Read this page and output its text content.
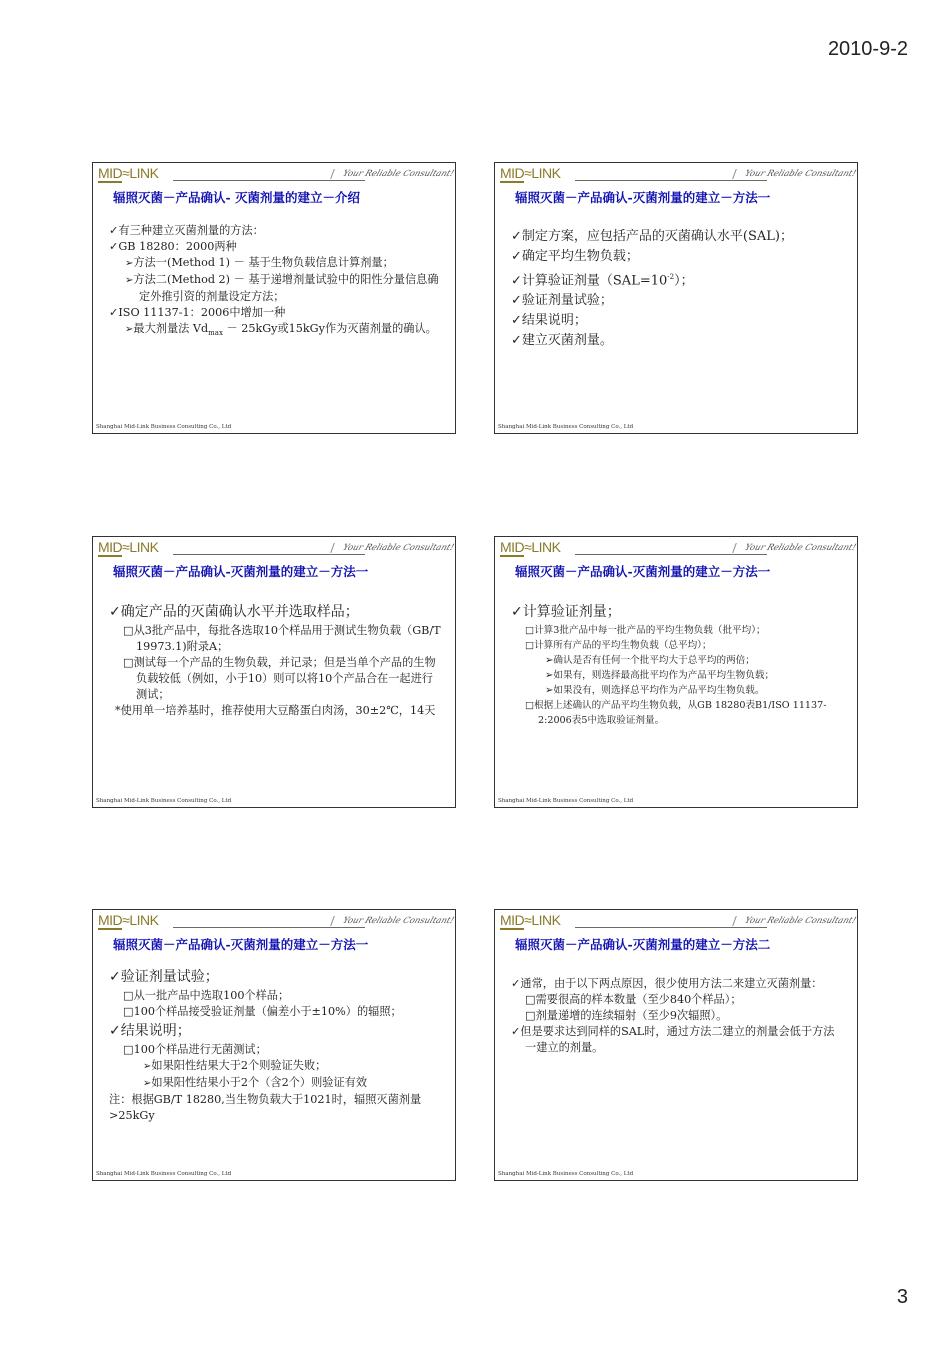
2010-9-2
MID≈LINK	Your Reliable Consultant!
辐照灭菌－产品确认- 灭菌剂量的建立－介绍

✓有三种建立灭菌剂量的方法：

✓GB 18280：2000两种

➢方法一(Method 1) － 基于生物负载信息计算剂量；

➢方法二(Method 2) － 基于递增剂量试验中的阳性分量信息确定外推引资的剂量设定方法；

✓ISO 11137-1：2006中增加一种

➢最大剂量法 $Vd_{max} - 25kGy$或15kGy作为灭菌剂量的确认。

Shanghai Mid-Link Business Consulting Co., Ltd
MID≈LINK	Your Reliable Consultant!
辐照灭菌－产品确认-灭菌剂量的建立－方法一

✓制定方案，应包括产品的灭菌确认水平(SAL)；

✓确定平均生物负载；

✓计算验证剂量$(SAL=10^{-2})$；

✓验证剂量试验；

✓结果说明；

✓建立灭菌剂量。

Shanghai Mid-Link Business Consulting Co., Ltd
MID≈LINK	Your Reliable Consultant!
辐照灭菌－产品确认-灭菌剂量的建立－方法一

✓确定产品的灭菌确认水平并选取样品；

□从3批产品中，每批各选取10个样品用于测试生物负载（GB/T 19973.1)附录A；

□测试每一个产品的生物负载，并记录；但是当单个产品的生物负载较低（例如，小于10）则可以将10个产品合在一起进行测试；

*使用单一培养基时，推荐使用大豆酪蛋白肉汤，30±2℃，14天

Shanghai Mid-Link Business Consulting Co., Ltd
MID≈LINK	Your Reliable Consultant!
辐照灭菌－产品确认-灭菌剂量的建立－方法一

✓计算验证剂量；

□计算3批产品中每一批产品的平均生物负载（批平均）；

□计算所有产品的平均生物负载（总平均）；

➢确认是否有任何一个批平均大于总平均的两倍；

➢如果有，则选择最高批平均作为产品平均生物负载；

➢如果没有，则选择总平均作为产品平均生物负载。

□根据上述确认的产品平均生物负载，从GB 18280表B1/ISO 11137-2:2006表5中选取验证剂量。

Shanghai Mid-Link Business Consulting Co., Ltd
MID≈LINK	Your Reliable Consultant!
辐照灭菌－产品确认-灭菌剂量的建立－方法一

✓验证剂量试验；

□从一批产品中选取100个样品；

□100个样品接受验证剂量（偏差小于±10%）的辐照；

✓结果说明；

□100个样品进行无菌测试；

➢如果阳性结果大于2个则验证失败；

➢如果阳性结果小于2个（含2个）则验证有效

注：根据GB/T 18280,当生物负载大于1021时，辐照灭菌剂量>25kGy

Shanghai Mid-Link Business Consulting Co., Ltd
MID≈LINK	Your Reliable Consultant!
辐照灭菌－产品确认-灭菌剂量的建立－方法二

✓通常，由于以下两点原因，很少使用方法二来建立灭菌剂量：

□需要很高的样本数量（至少840个样品）；

□剂量递增的连续辐射（至少9次辐照）。

✓但是要求达到同样的SAL时，通过方法二建立的剂量会低于方法一建立的剂量。

Shanghai Mid-Link Business Consulting Co., Ltd
3
